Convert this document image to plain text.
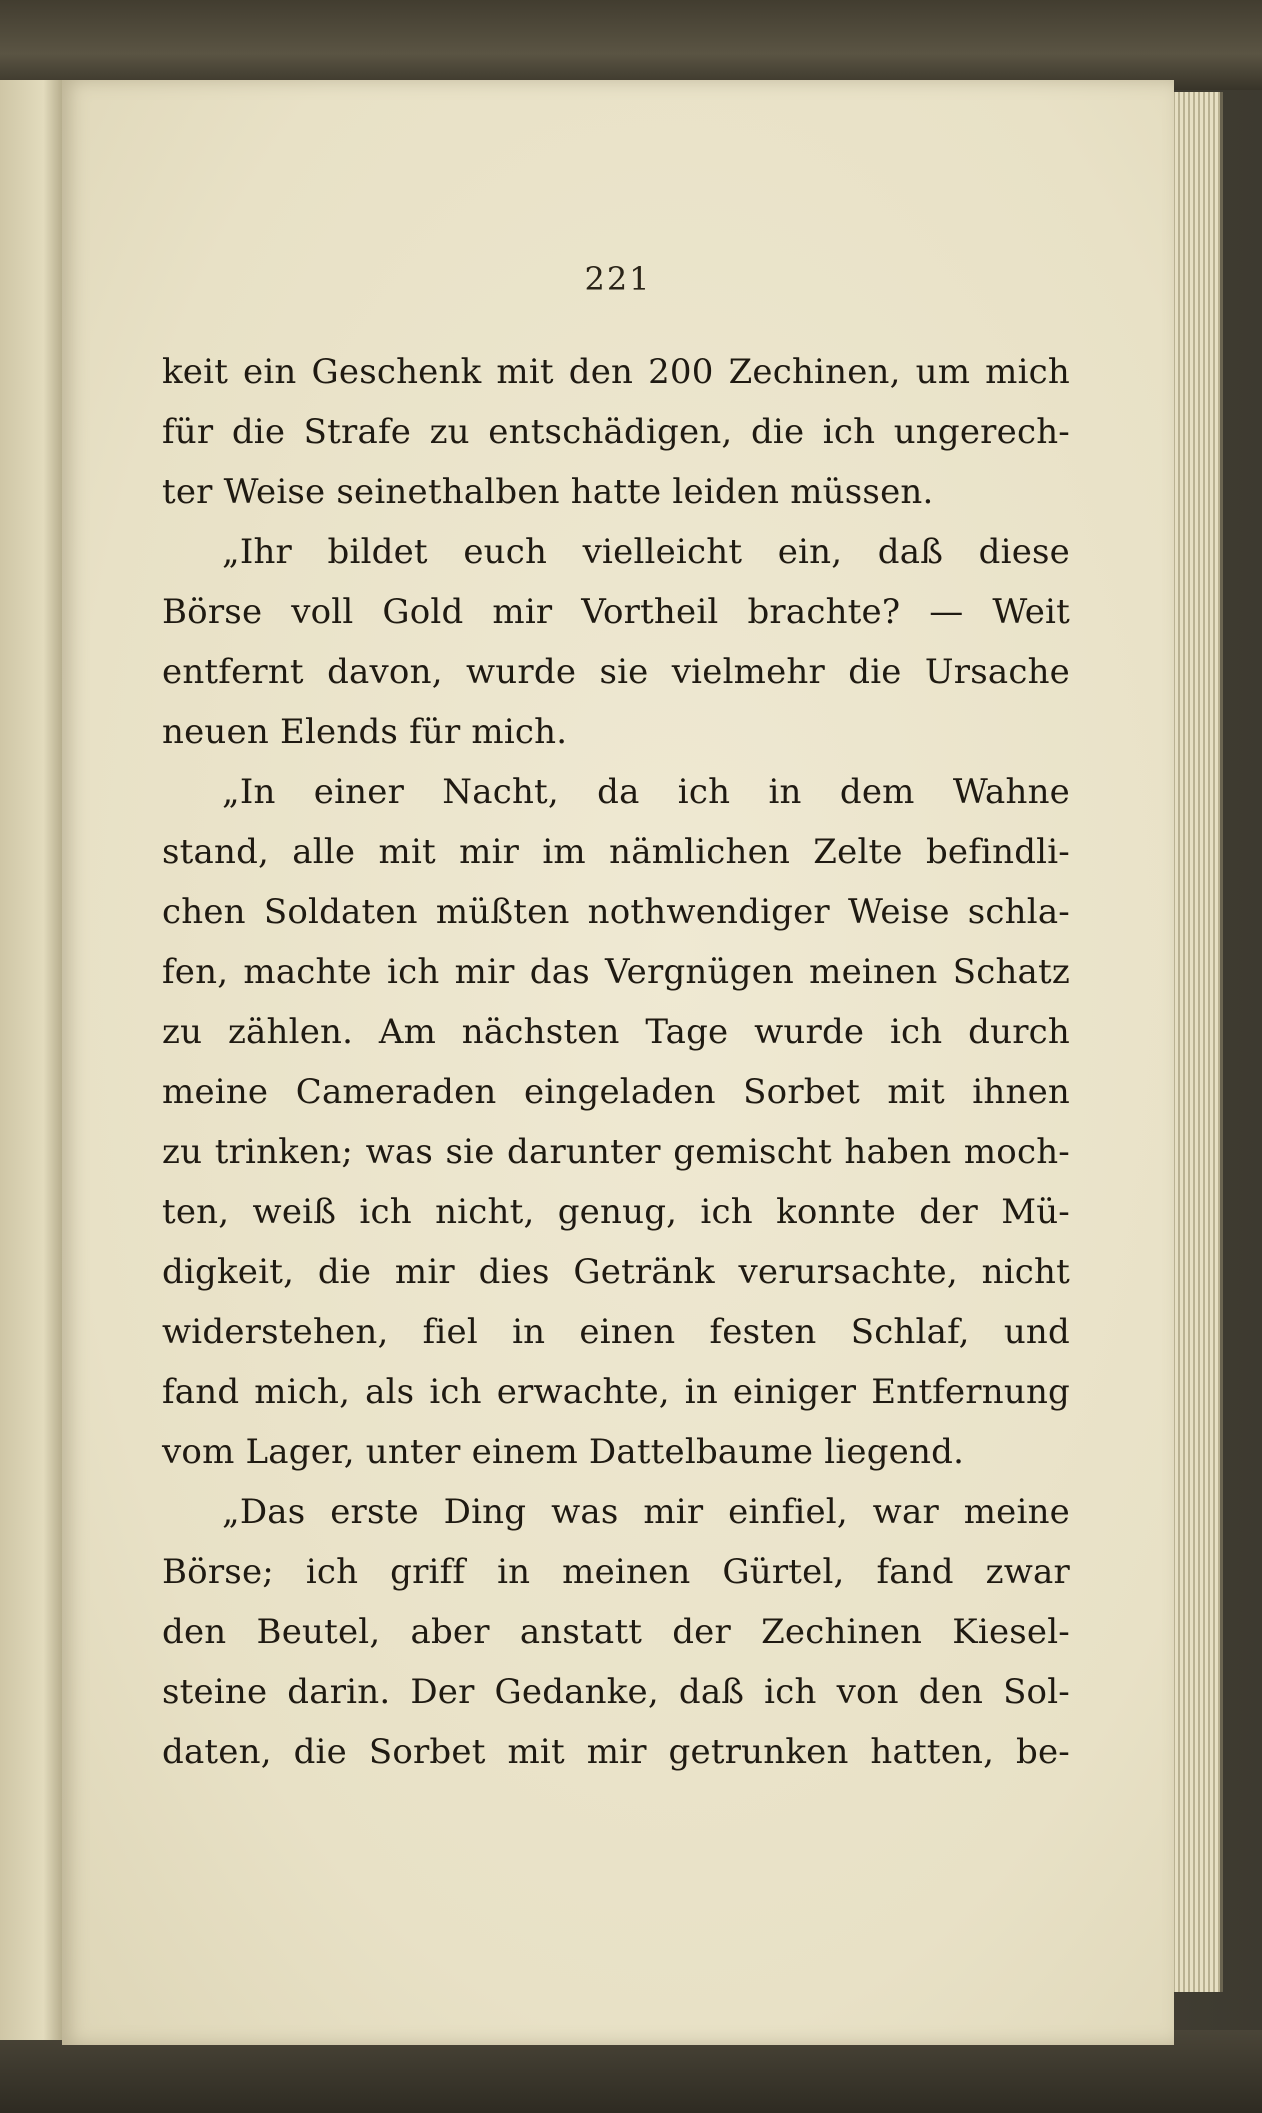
221
keit ein Geschenk mit den 200 Zechinen, um mich
für die Strafe zu entschädigen, die ich ungerech-
ter Weise seinethalben hatte leiden müssen.
„Ihr bildet euch vielleicht ein, daß diese
Börse voll Gold mir Vortheil brachte? — Weit
entfernt davon, wurde sie vielmehr die Ursache
neuen Elends für mich.
„In einer Nacht, da ich in dem Wahne
stand, alle mit mir im nämlichen Zelte befindli-
chen Soldaten müßten nothwendiger Weise schla-
fen, machte ich mir das Vergnügen meinen Schatz
zu zählen. Am nächsten Tage wurde ich durch
meine Cameraden eingeladen Sorbet mit ihnen
zu trinken; was sie darunter gemischt haben moch-
ten, weiß ich nicht, genug, ich konnte der Mü-
digkeit, die mir dies Getränk verursachte, nicht
widerstehen, fiel in einen festen Schlaf, und
fand mich, als ich erwachte, in einiger Entfernung
vom Lager, unter einem Dattelbaume liegend.
„Das erste Ding was mir einfiel, war meine
Börse; ich griff in meinen Gürtel, fand zwar
den Beutel, aber anstatt der Zechinen Kiesel-
steine darin. Der Gedanke, daß ich von den Sol-
daten, die Sorbet mit mir getrunken hatten, be-
